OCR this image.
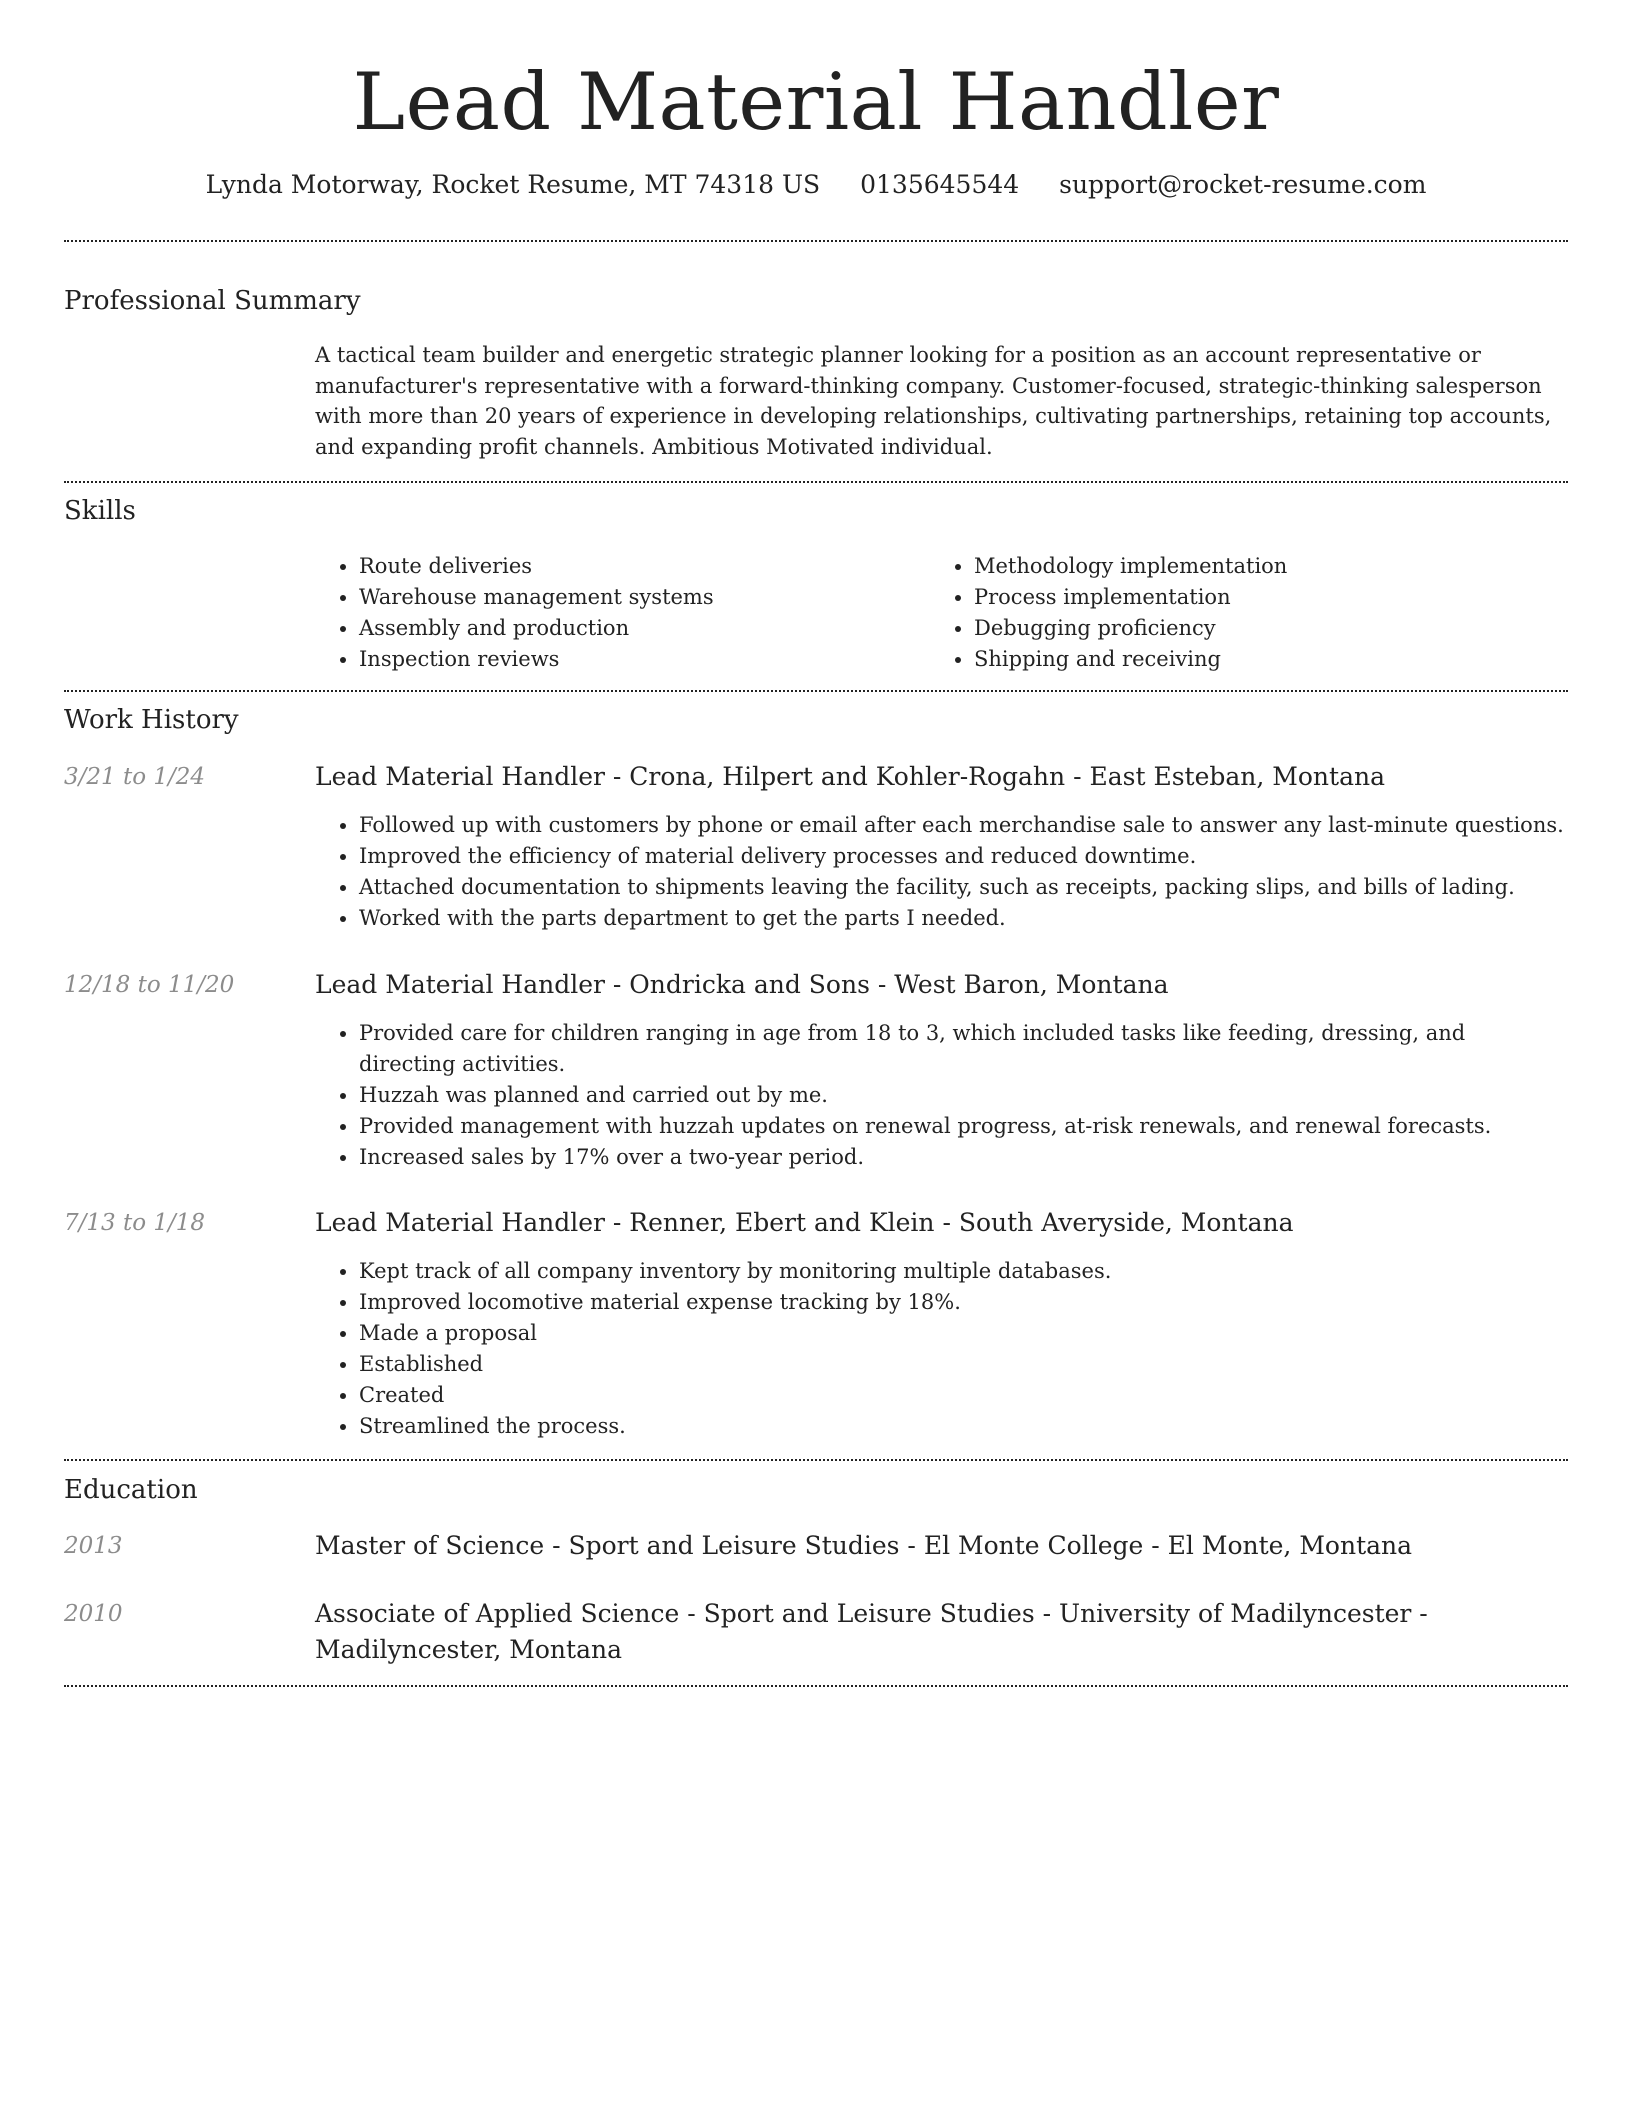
Lead Material Handler
Lynda Motorway, Rocket Resume, MT 74318 US 0135645544 support@rocket-resume.com
Professional Summary
A tactical team builder and energetic strategic planner looking for a position as an account representative or manufacturer's representative with a forward-thinking company. Customer-focused, strategic-thinking salesperson with more than 20 years of experience in developing relationships, cultivating partnerships, retaining top accounts, and expanding profit channels. Ambitious Motivated individual.
Skills
• Route deliveries
• Warehouse management systems
• Assembly and production
• Inspection reviews
• Methodology implementation
• Process implementation
• Debugging proficiency
• Shipping and receiving
Work History
3/21 to 1/24	Lead Material Handler - Crona, Hilpert and Kohler-Rogahn - East Esteban, Montana
• Followed up with customers by phone or email after each merchandise sale to answer any last-minute questions.
• Improved the efficiency of material delivery processes and reduced downtime.
• Attached documentation to shipments leaving the facility, such as receipts, packing slips, and bills of lading.
• Worked with the parts department to get the parts I needed.
12/18 to 11/20	Lead Material Handler - Ondricka and Sons - West Baron, Montana
• Provided care for children ranging in age from 18 to 3, which included tasks like feeding, dressing, and directing activities.
• Huzzah was planned and carried out by me.
• Provided management with huzzah updates on renewal progress, at-risk renewals, and renewal forecasts.
• Increased sales by 17% over a two-year period.
7/13 to 1/18	Lead Material Handler - Renner, Ebert and Klein - South Averyside, Montana
• Kept track of all company inventory by monitoring multiple databases.
• Improved locomotive material expense tracking by 18%.
• Made a proposal
• Established
• Created
• Streamlined the process.
Education
2013	Master of Science - Sport and Leisure Studies - El Monte College - El Monte, Montana
2010	Associate of Applied Science - Sport and Leisure Studies - University of Madilyncester - Madilyncester, Montana
